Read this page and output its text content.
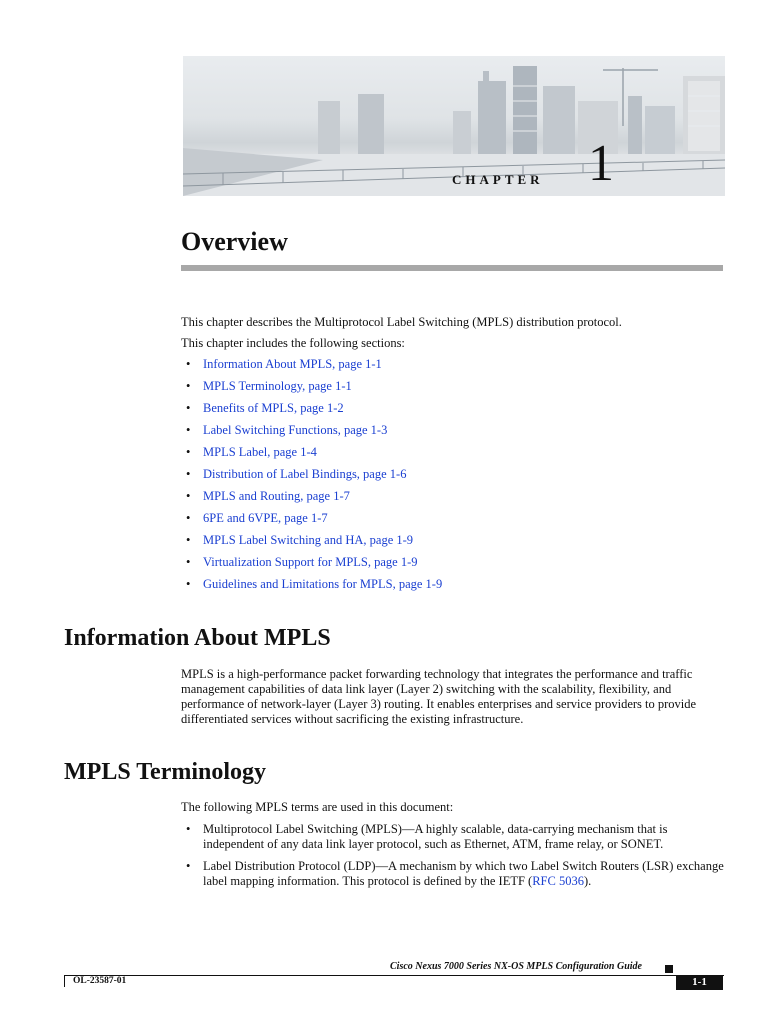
CHAPTER 1
Overview

This chapter describes the Multiprotocol Label Switching (MPLS) distribution protocol.

This chapter includes the following sections:

•	Information About MPLS, page 1-1
•	MPLS Terminology, page 1-1
•	Benefits of MPLS, page 1-2
•	Label Switching Functions, page 1-3
•	MPLS Label, page 1-4
•	Distribution of Label Bindings, page 1-6
•	MPLS and Routing, page 1-7
•	6PE and 6VPE, page 1-7
•	MPLS Label Switching and HA, page 1-9
•	Virtualization Support for MPLS, page 1-9
•	Guidelines and Limitations for MPLS, page 1-9
Information About MPLS

MPLS is a high-performance packet forwarding technology that integrates the performance and traffic management capabilities of data link layer (Layer 2) switching with the scalability, flexibility, and performance of network-layer (Layer 3) routing. It enables enterprises and service providers to provide differentiated services without sacrificing the existing infrastructure.

MPLS Terminology

The following MPLS terms are used in this document:

•	Multiprotocol Label Switching (MPLS)—A highly scalable, data-carrying mechanism that is independent of any data link layer protocol, such as Ethernet, ATM, frame relay, or SONET.
•	Label Distribution Protocol (LDP)—A mechanism by which two Label Switch Routers (LSR) exchange label mapping information. This protocol is defined by the IETF (RFC 5036).
Cisco Nexus 7000 Series NX-OS MPLS Configuration Guide
OL-23587-01	1-1
